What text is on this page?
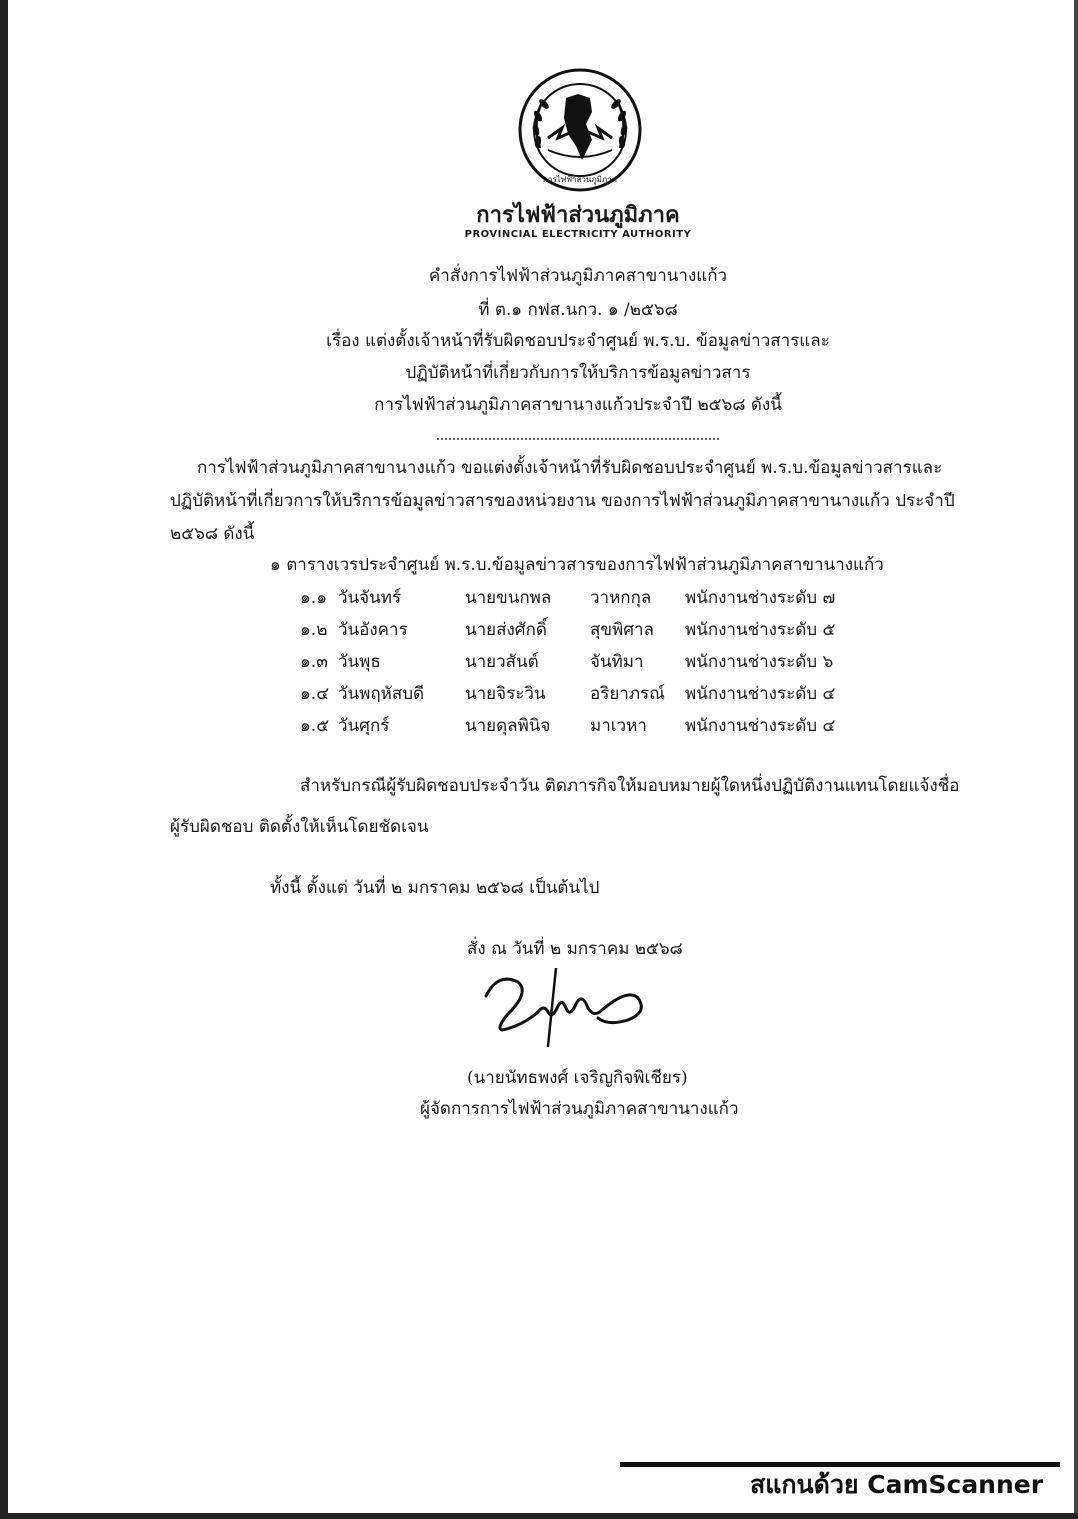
การไฟฟ้าส่วนภูมิภาค
การไฟฟ้าส่วนภูมิภาค
PROVINCIAL ELECTRICITY AUTHORITY
คำสั่งการไฟฟ้าส่วนภูมิภาคสาขานางแก้ว
ที่ ต.๑ กฟส.นกว. ๑ /๒๕๖๘
เรื่อง แต่งตั้งเจ้าหน้าที่รับผิดชอบประจำศูนย์ พ.ร.บ. ข้อมูลข่าวสารและ
ปฏิบัติหน้าที่เกี่ยวกับการให้บริการข้อมูลข่าวสาร
การไฟฟ้าส่วนภูมิภาคสาขานางแก้วประจำปี ๒๕๖๘ ดังนี้
การไฟฟ้าส่วนภูมิภาคสาขานางแก้ว ขอแต่งตั้งเจ้าหน้าที่รับผิดชอบประจำศูนย์ พ.ร.บ.ข้อมูลข่าวสารและ
ปฏิบัติหน้าที่เกี่ยวการให้บริการข้อมูลข่าวสารของหน่วยงาน ของการไฟฟ้าส่วนภูมิภาคสาขานางแก้ว ประจำปี
๒๕๖๘ ดังนี้
๑ ตารางเวรประจำศูนย์ พ.ร.บ.ข้อมูลข่าวสารของการไฟฟ้าส่วนภูมิภาคสาขานางแก้ว
๑.๑ วันจันทร์	นายขนกพล วาหกกุล พนักงานช่างระดับ ๗
๑.๒ วันอังคาร	นายส่งศักดิ์	สุขพิศาล พนักงานช่างระดับ ๕
๑.๓ วันพุธ	นายวสันต์	จันทิมา พนักงานช่างระดับ ๖
๑.๔ วันพฤหัสบดี นายจิระวิน	อริยาภรณ์ พนักงานช่างระดับ ๔
๑.๕ วันศุกร์	นายดุลพินิจ มาเวหา พนักงานช่างระดับ ๔
สำหรับกรณีผู้รับผิดชอบประจำวัน ติดภารกิจให้มอบหมายผู้ใดหนึ่งปฏิบัติงานแทนโดยแจ้งชื่อ
ผู้รับผิดชอบ ติดตั้งให้เห็นโดยชัดเจน
ทั้งนี้ ตั้งแต่ วันที่ ๒ มกราคม ๒๕๖๘ เป็นต้นไป
สั่ง ณ วันที่ ๒ มกราคม ๒๕๖๘
(นายนัทธพงศ์ เจริญกิจพิเชียร)
ผู้จัดการการไฟฟ้าส่วนภูมิภาคสาขานางแก้ว
สแกนด้วย CamScanner
